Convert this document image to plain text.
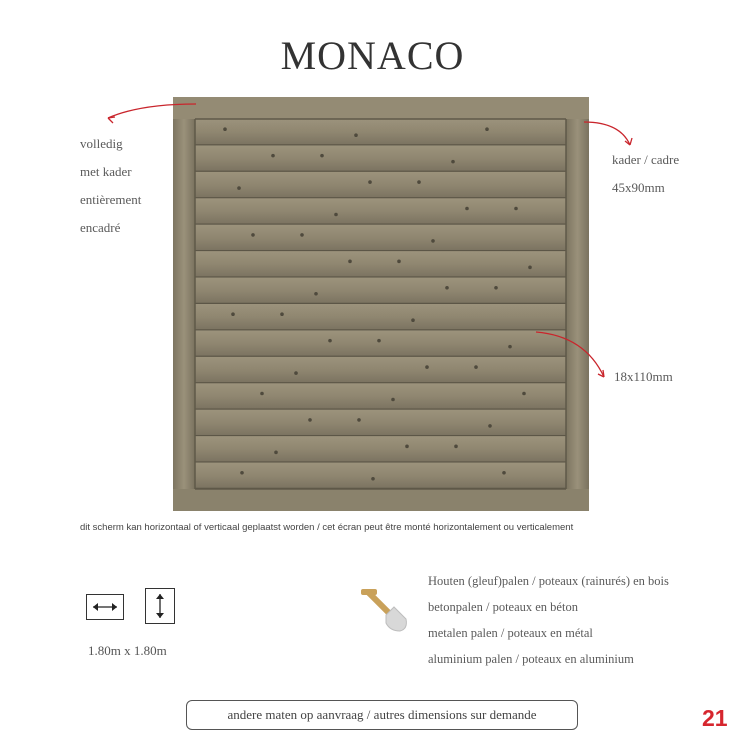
MONACO
volledig
met kader
entièrement
encadré
kader / cadre
45x90mm
18x110mm
dit scherm kan horizontaal of verticaal geplaatst worden / cet écran peut être monté horizontalement ou verticalement
1.80m x 1.80m
Houten (gleuf)palen / poteaux (rainurés) en bois
betonpalen / poteaux en béton
metalen palen / poteaux en métal
aluminium palen / poteaux en aluminium
andere maten op aanvraag / autres dimensions sur demande	21
